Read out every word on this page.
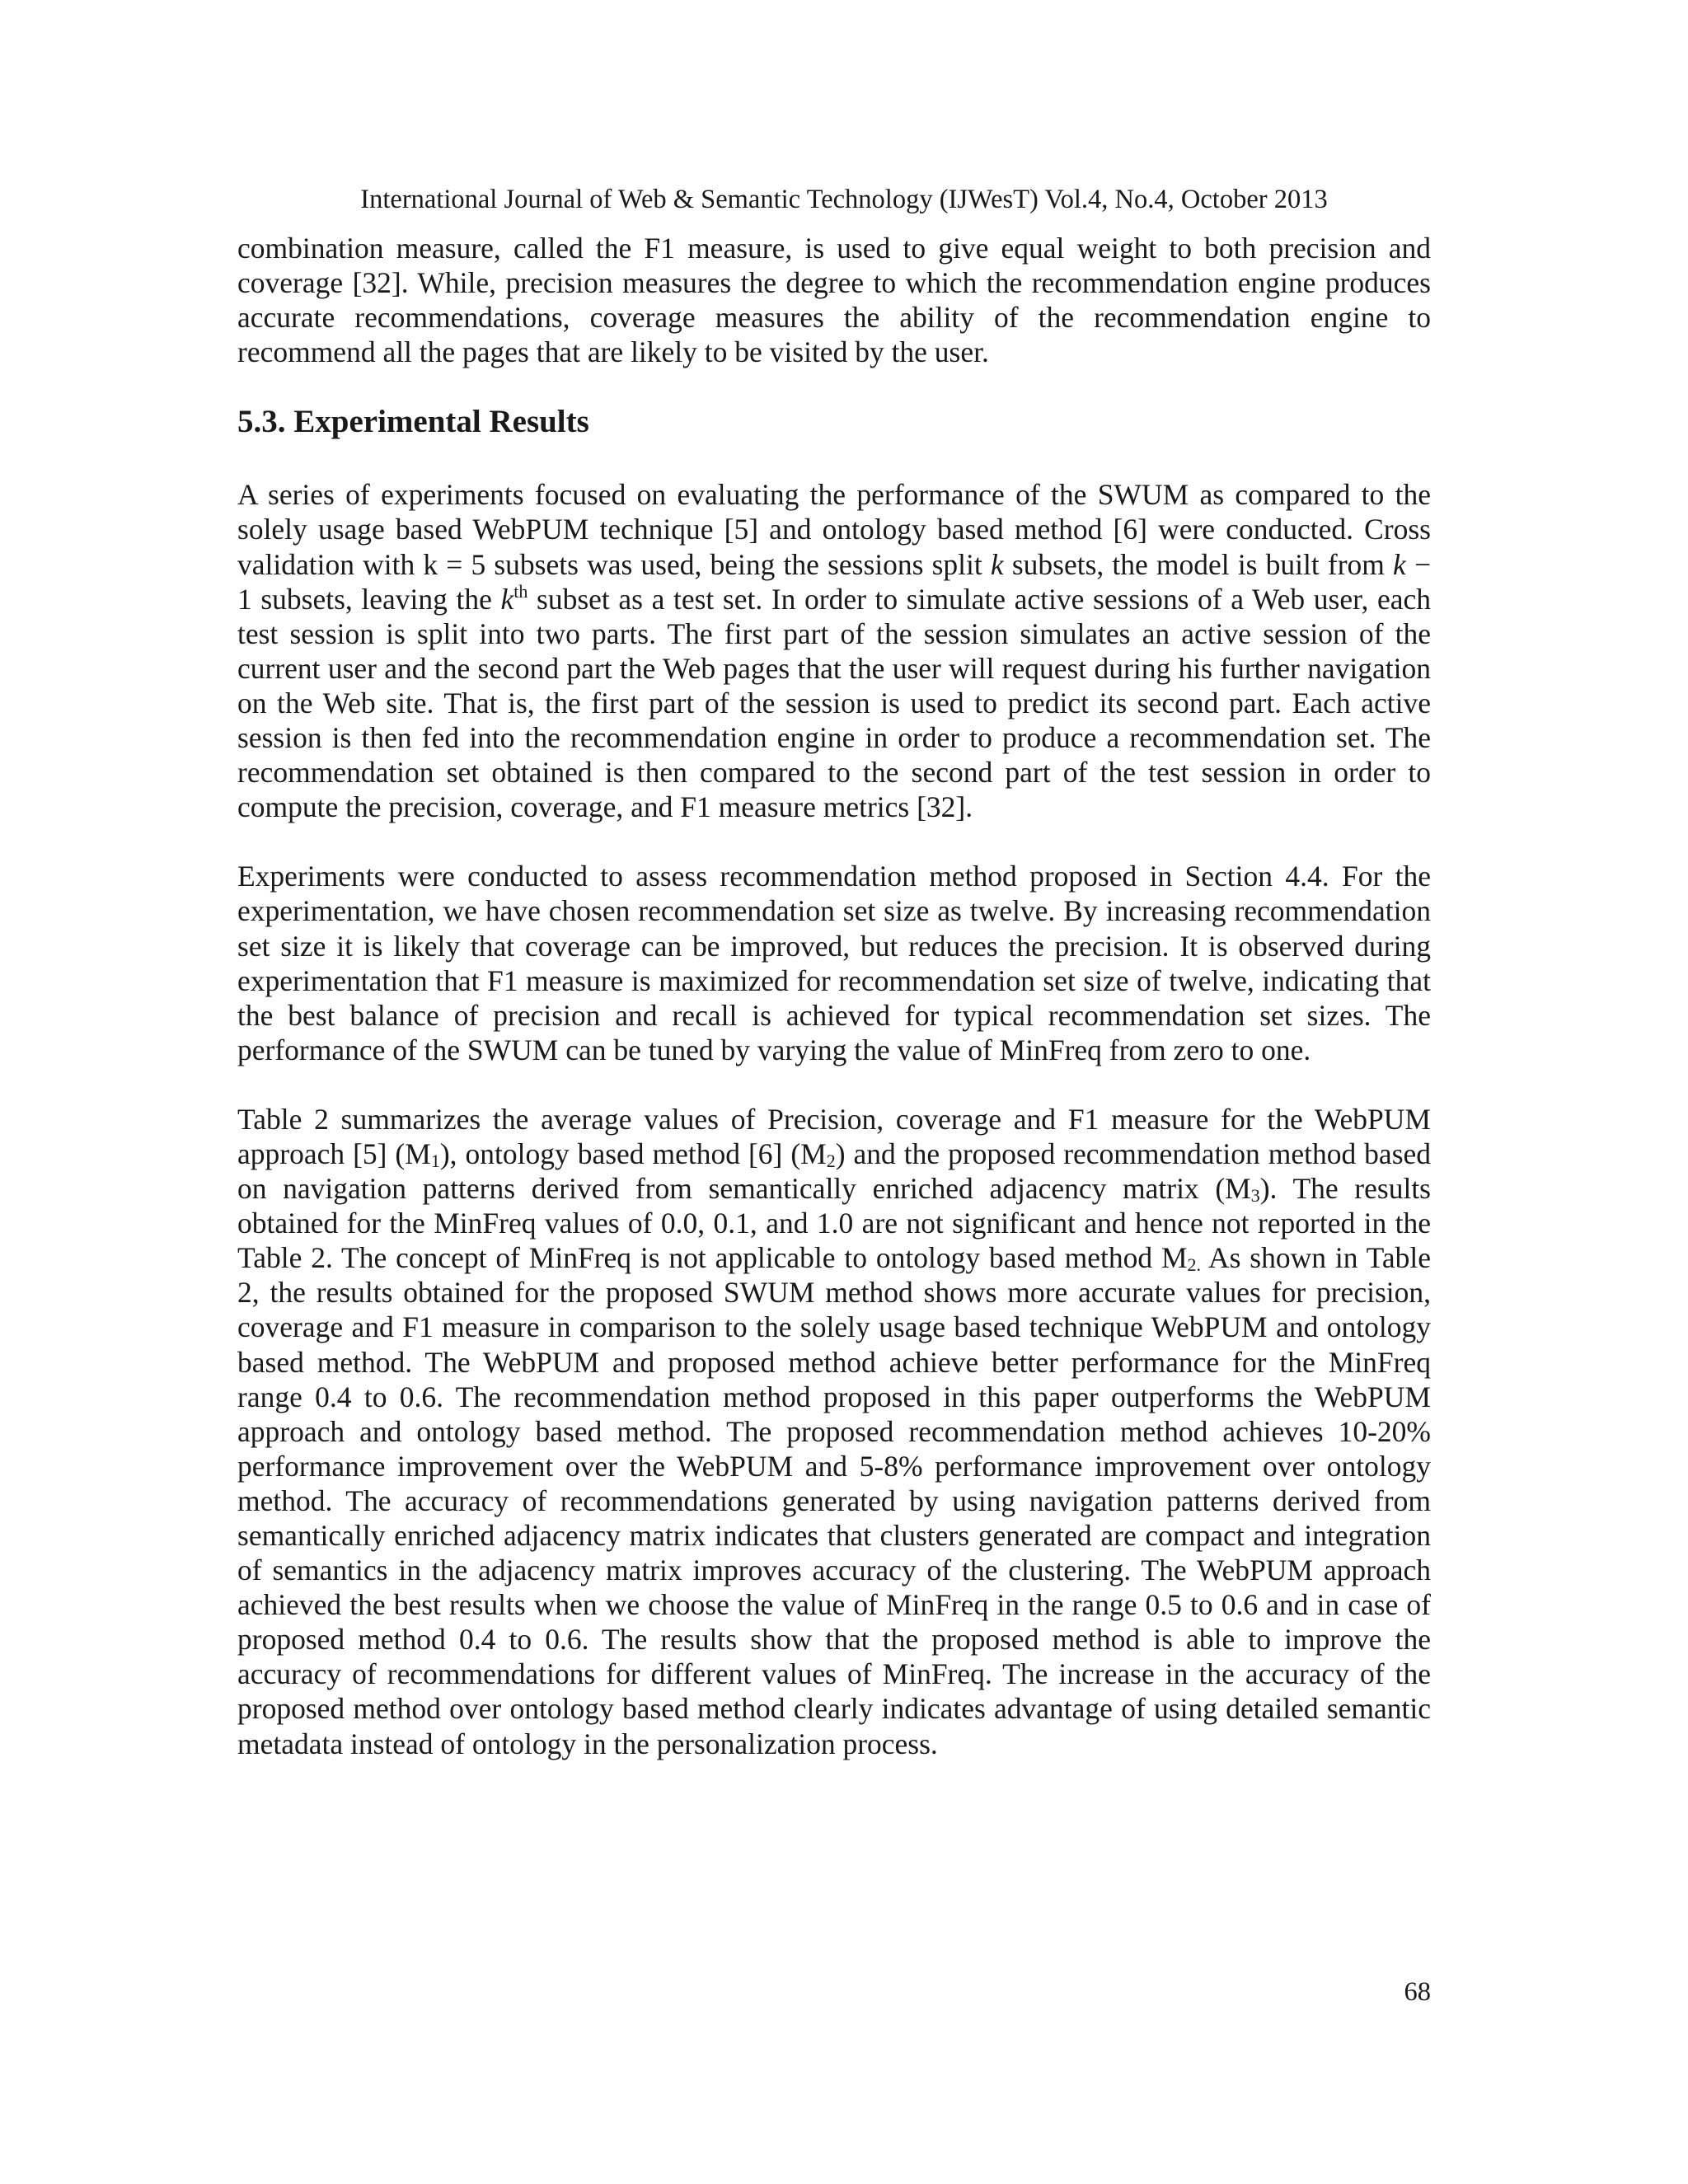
International Journal of Web & Semantic Technology (IJWesT) Vol.4, No.4, October 2013

combination measure, called the F1 measure, is used to give equal weight to both precision and coverage [32]. While, precision measures the degree to which the recommendation engine produces accurate recommendations, coverage measures the ability of the recommendation engine to recommend all the pages that are likely to be visited by the user.

5.3. Experimental Results

A series of experiments focused on evaluating the performance of the SWUM as compared to the solely usage based WebPUM technique [5] and ontology based method [6] were conducted. Cross validation with k = 5 subsets was used, being the sessions split k subsets, the model is built from k − 1 subsets, leaving the $k^{th}$ subset as a test set. In order to simulate active sessions of a Web user, each test session is split into two parts. The first part of the session simulates an active session of the current user and the second part the Web pages that the user will request during his further navigation on the Web site. That is, the first part of the session is used to predict its second part. Each active session is then fed into the recommendation engine in order to produce a recommendation set. The recommendation set obtained is then compared to the second part of the test session in order to compute the precision, coverage, and F1 measure metrics [32].

Experiments were conducted to assess recommendation method proposed in Section 4.4. For the experimentation, we have chosen recommendation set size as twelve. By increasing recommendation set size it is likely that coverage can be improved, but reduces the precision. It is observed during experimentation that F1 measure is maximized for recommendation set size of twelve, indicating that the best balance of precision and recall is achieved for typical recommendation set sizes. The performance of the SWUM can be tuned by varying the value of MinFreq from zero to one.

Table 2 summarizes the average values of Precision, coverage and F1 measure for the WebPUM approach [5] $(M_1)$, ontology based method [6] $(M_2)$ and the proposed recommendation method based on navigation patterns derived from semantically enriched adjacency matrix $(M_3)$. The results obtained for the MinFreq values of 0.0, 0.1, and 1.0 are not significant and hence not reported in the Table 2. The concept of MinFreq is not applicable to ontology based method $M_{2.}$ As shown in Table 2, the results obtained for the proposed SWUM method shows more accurate values for precision, coverage and F1 measure in comparison to the solely usage based technique WebPUM and ontology based method. The WebPUM and proposed method achieve better performance for the MinFreq range 0.4 to 0.6. The recommendation method proposed in this paper outperforms the WebPUM approach and ontology based method. The proposed recommendation method achieves 10-20% performance improvement over the WebPUM and 5-8% performance improvement over ontology method. The accuracy of recommendations generated by using navigation patterns derived from semantically enriched adjacency matrix indicates that clusters generated are compact and integration of semantics in the adjacency matrix improves accuracy of the clustering. The WebPUM approach achieved the best results when we choose the value of MinFreq in the range 0.5 to 0.6 and in case of proposed method 0.4 to 0.6. The results show that the proposed method is able to improve the accuracy of recommendations for different values of MinFreq. The increase in the accuracy of the proposed method over ontology based method clearly indicates advantage of using detailed semantic metadata instead of ontology in the personalization process.

68
